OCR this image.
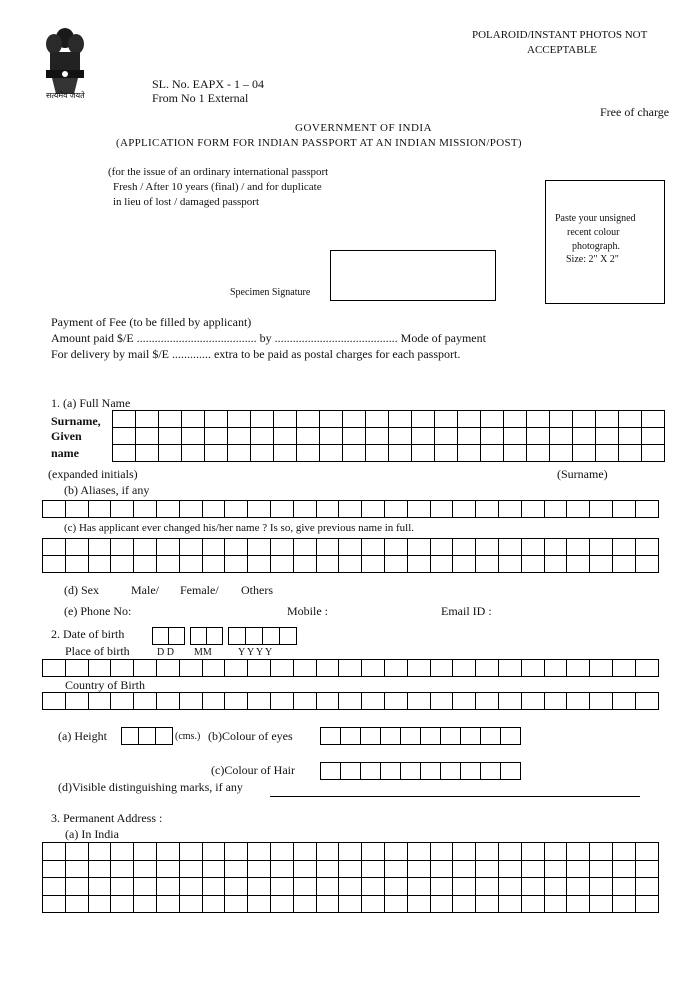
सत्यमेव जयते
POLAROID/INSTANT PHOTOS NOT
ACCEPTABLE
SL. No. EAPX - 1 – 04
From No 1 External
Free of charge
GOVERNMENT OF INDIA
(APPLICATION FORM FOR INDIAN PASSPORT AT AN INDIAN MISSION/POST)
(for the issue of an ordinary international passport
Fresh / After 10 years (final) / and for duplicate
in lieu of lost / damaged passport
Paste your unsigned
recent colour
photograph.
Size: 2" X 2"
Specimen Signature
Payment of Fee (to be filled by applicant)
Amount paid $/E ........................................ by ......................................... Mode of payment
For delivery by mail $/E ............. extra to be paid as postal charges for each passport.
1. (a) Full Name
Surname,
Given
name
(expanded initials)	(Surname)
(b) Aliases, if any
(c) Has applicant ever changed his/her name ? Is so, give previous name in full.
(d) Sex	Male/ Female/ Others
(e) Phone No:	Mobile :	Email ID :
2. Date of birth
Place of birth	D D MM	Y Y Y Y
Country of Birth
(a) Height	(cms.) (b)Colour of eyes
(c)Colour of Hair
(d)Visible distinguishing marks, if any
3. Permanent Address :
(a) In India
